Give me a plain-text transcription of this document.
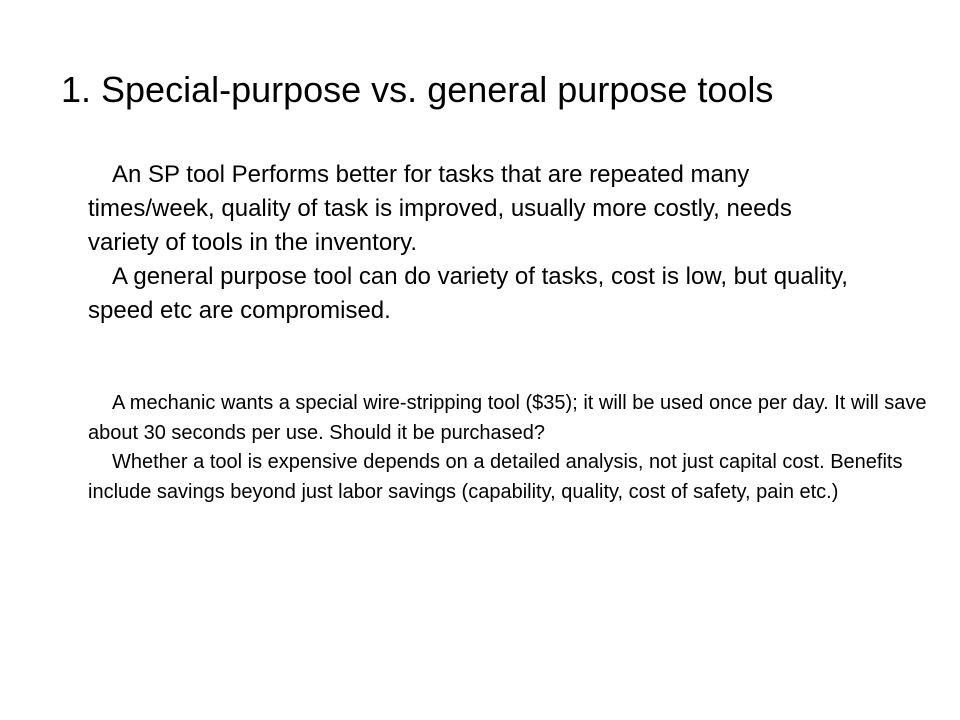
1. Special-purpose vs. general purpose tools

An SP tool Performs better for tasks that are repeated many times/week, quality of task is improved, usually more costly, needs variety of tools in the inventory.

A general purpose tool can do variety of tasks, cost is low, but quality, speed etc are compromised.

A mechanic wants a special wire-stripping tool ($35); it will be used once per day. It will save about 30 seconds per use. Should it be purchased?

Whether a tool is expensive depends on a detailed analysis, not just capital cost. Benefits include savings beyond just labor savings (capability, quality, cost of safety, pain etc.)
